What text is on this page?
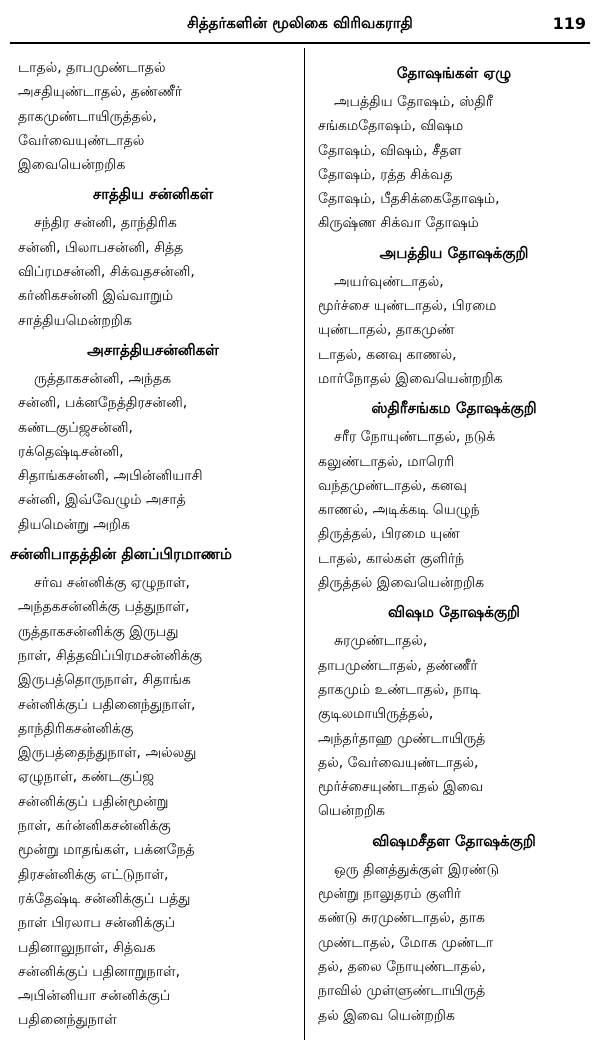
சித்தர்களின் மூலிகை விரிவகராதி	119
டாதல், தாபமுண்டாதல்
அசதியுண்டாதல், தண்ணீர்
தாகமுண்டாயிருத்தல்,
வேர்வையுண்டாதல்
இவையென்றறிக
சாத்திய சன்னிகள்
சந்திர சன்னி, தாந்திரிக
சன்னி, பிலாபசன்னி, சித்த
விப்ரமசன்னி, சிக்வதசன்னி,
கர்னிகசன்னி இவ்வாறும்
சாத்தியமென்றறிக
அசாத்தியசன்னிகள்
ருத்தாகசன்னி, அந்தக
சன்னி, பக்னநேத்திரசன்னி,
கண்டகுப்ஜசன்னி,
ரக்தெஷ்டிசன்னி,
சிதாங்கசன்னி, அபின்னியாசி
சன்னி, இவ்வேழும் அசாத்
தியமென்று அறிக
சன்னிபாதத்தின் தினப்பிரமாணம்
சர்வ சன்னிக்கு ஏழுநாள்,
அந்தகசன்னிக்கு பத்துநாள்,
ருத்தாகசன்னிக்கு இருபது
நாள், சித்தவிப்பிரமசன்னிக்கு
இருபத்தொருநாள், சிதாங்க
சன்னிக்குப் பதினைந்துநாள்,
தாந்திரிகசன்னிக்கு
இருபத்தைந்துநாள், அல்லது
ஏழுநாள், கண்டகுப்ஜ
சன்னிக்குப் பதின்மூன்று
நாள், கர்ன்னிகசன்னிக்கு
மூன்று மாதங்கள், பக்னநேத்
திரசன்னிக்கு எட்டுநாள்,
ரக்தேஷ்டி சன்னிக்குப் பத்து
நாள் பிரலாப சன்னிக்குப்
பதினாலுநாள், சித்வக
சன்னிக்குப் பதினாறுநாள்,
அபின்னியா சன்னிக்குப்
பதினைந்துநாள்
தோஷங்கள் ஏழு
அபத்திய தோஷம், ஸ்திரீ
சங்கமதோஷம், விஷம
தோஷம், விஷம், சீதள
தோஷம், ரத்த சிக்வத
தோஷம், பீதசிக்கைதோஷம்,
கிருஷ்ண சிக்வா தோஷம்
அபத்திய தோஷக்குறி
அயர்வுண்டாதல்,
மூர்ச்சை யுண்டாதல், பிரமை
யுண்டாதல், தாகமுண்
டாதல், கனவு காணல்,
மார்நோதல் இவையென்றறிக
ஸ்திரீசங்கம தோஷக்குறி
சரீர நோயுண்டாதல், நடுக்
கலுண்டாதல், மாரெரி
வந்தமுண்டாதல், கனவு
காணல், அடிக்கடி யெழுந்
திருத்தல், பிரமை யுண்
டாதல், கால்கள் குளிர்ந்
திருத்தல் இவையென்றறிக
விஷம தோஷக்குறி
சுரமுண்டாதல்,
தாபமுண்டாதல், தண்ணீர்
தாகமும் உண்டாதல், நாடி
குடிலமாயிருத்தல்,
அந்தர்தாஹ முண்டாயிருத்
தல், வேர்வையுண்டாதல்,
மூர்ச்சையுண்டாதல் இவை
யென்றறிக
விஷமசீதள தோஷக்குறி
ஒரு தினத்துக்குள் இரண்டு
மூன்று நாலுதரம் குளிர்
கண்டு சுரமுண்டாதல், தாக
முண்டாதல், மோக முண்டா
தல், தலை நோயுண்டாதல்,
நாவில் முள்ளுண்டாயிருத்
தல் இவை யென்றறிக
